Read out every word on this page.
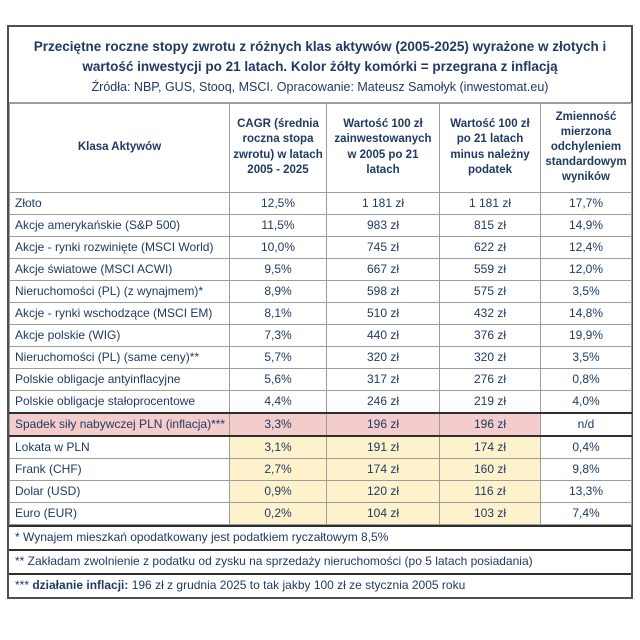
Przeciętne roczne stopy zwrotu z różnych klas aktywów (2005-2025) wyrażone w złotych i wartość inwestycji po 21 latach. Kolor żółty komórki = przegrana z inflacją
Źródła: NBP, GUS, Stooq, MSCI. Opracowanie: Mateusz Samołyk (inwestomat.eu)
Klasa Aktywów	CAGR (średnia roczna stopa zwrotu) w latach 2005 - 2025	Wartość 100 zł zainwestowanych w 2005 po 21 latach	Wartość 100 zł po 21 latach minus należny podatek	Zmienność mierzona odchyleniem standardowym wyników
Złoto	12,5%	1 181 zł	1 181 zł	17,7%
Akcje amerykańskie (S&P 500)	11,5%	983 zł	815 zł	14,9%
Akcje - rynki rozwinięte (MSCI World)	10,0%	745 zł	622 zł	12,4%
Akcje światowe (MSCI ACWI)	9,5%	667 zł	559 zł	12,0%
Nieruchomości (PL) (z wynajmem)*	8,9%	598 zł	575 zł	3,5%
Akcje - rynki wschodzące (MSCI EM)	8,1%	510 zł	432 zł	14,8%
Akcje polskie (WIG)	7,3%	440 zł	376 zł	19,9%
Nieruchomości (PL) (same ceny)**	5,7%	320 zł	320 zł	3,5%
Polskie obligacje antyinflacyjne	5,6%	317 zł	276 zł	0,8%
Polskie obligacje stałoprocentowe	4,4%	246 zł	219 zł	4,0%
Spadek siły nabywczej PLN (inflacja)***	3,3%	196 zł	196 zł	n/d
Lokata w PLN	3,1%	191 zł	174 zł	0,4%
Frank (CHF)	2,7%	174 zł	160 zł	9,8%
Dolar (USD)	0,9%	120 zł	116 zł	13,3%
Euro (EUR)	0,2%	104 zł	103 zł	7,4%
* Wynajem mieszkań opodatkowany jest podatkiem ryczałtowym 8,5%
** Zakładam zwolnienie z podatku od zysku na sprzedaży nieruchomości (po 5 latach posiadania)
*** działanie inflacji: 196 zł z grudnia 2025 to tak jakby 100 zł ze stycznia 2005 roku
